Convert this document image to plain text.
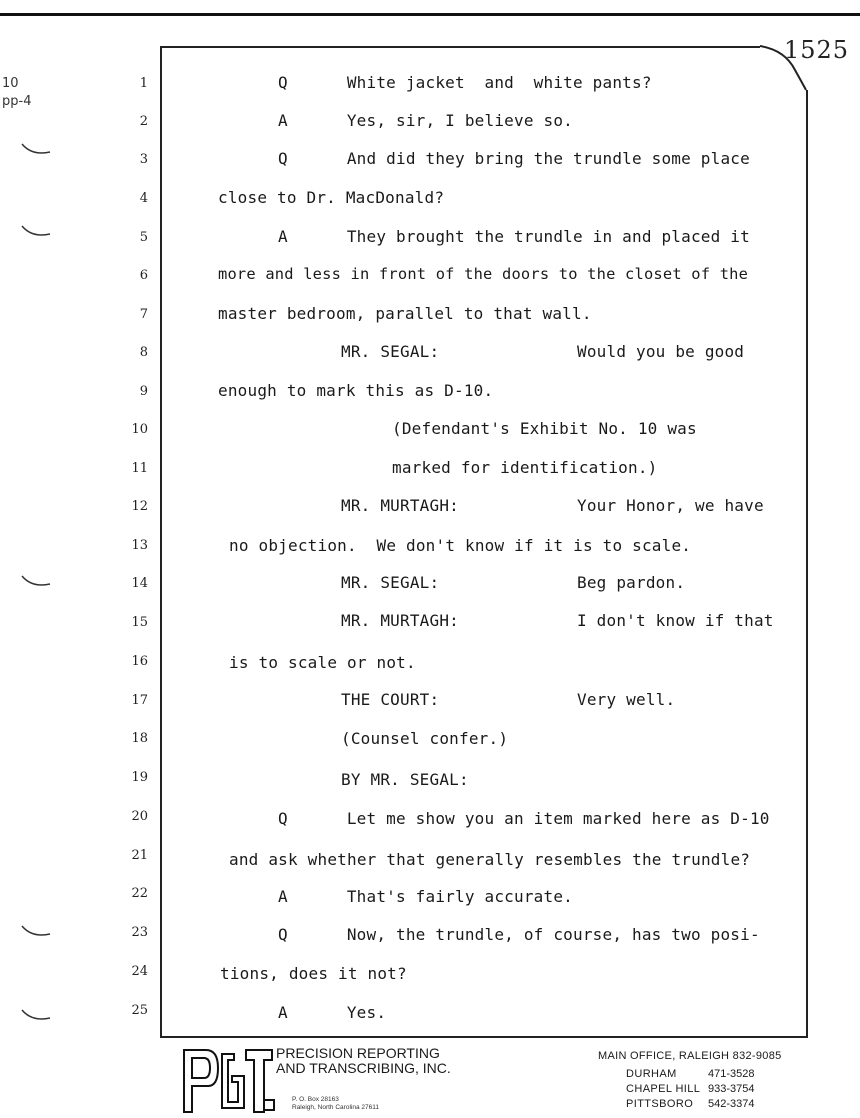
1525
10
pp-4
1
2
3
4
5
6
7
8
9
10
11
12
13
14
15
16
17
18
19
20
21
22
23
24
25
Q      White jacket  and  white pants?
A      Yes, sir, I believe so.
Q      And did they bring the trundle some place
close to Dr. MacDonald?
A      They brought the trundle in and placed it
more and less in front of the doors to the closet of the
master bedroom, parallel to that wall.
MR. SEGAL:              Would you be good
enough to mark this as D-10.
(Defendant's Exhibit No. 10 was
marked for identification.)
MR. MURTAGH:            Your Honor, we have
no objection.  We don't know if it is to scale.
MR. SEGAL:              Beg pardon.
MR. MURTAGH:            I don't know if that
is to scale or not.
THE COURT:              Very well.
(Counsel confer.)
BY MR. SEGAL:
Q      Let me show you an item marked here as D-10
and ask whether that generally resembles the trundle?
A      That's fairly accurate.
Q      Now, the trundle, of course, has two posi-
tions, does it not?
A      Yes.
PRECISION REPORTING
AND TRANSCRIBING, INC.
P. O. Box 28163
Raleigh, North Carolina 27611
MAIN OFFICE, RALEIGH 832-9085
DURHAM	471-3528
CHAPEL HILL 933-3754
PITTSBORO 542-3374
